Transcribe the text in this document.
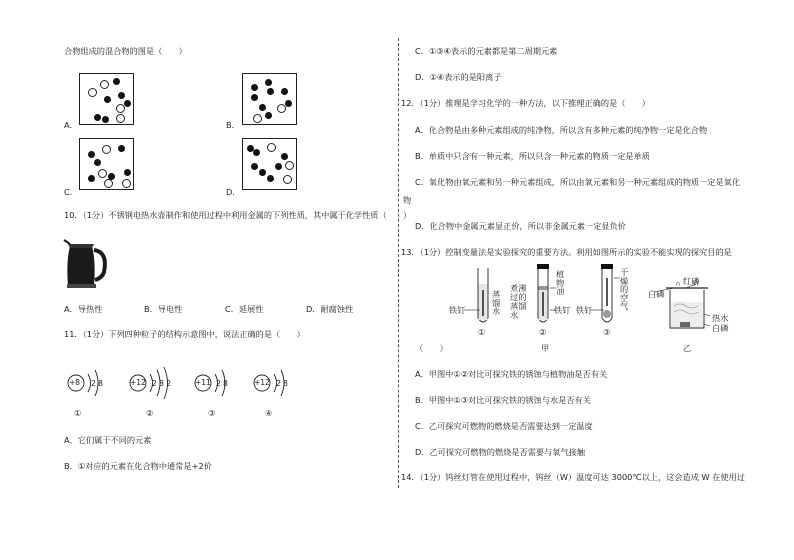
合物组成的混合物的图是（　　）
A．	B．
C．	D．
10．（1分）不锈钢电热水壶制作和使用过程中利用金属的下列性质，其中属于化学性质（　　）
A．导热性	B．导电性	C．延展性	D．耐腐蚀性
11．（1分）下列四种粒子的结构示意图中，说法正确的是（　　）
+8 2 8
①
+12 2 8 2
②
+11 2 8
③
+12 2 8
④
A．它们属于不同的元素
B．①对应的元素在化合物中通常是+2价
C．①③④表示的元素都是第二周期元素
D．①④表示的是阳离子
12．（1分）推理是学习化学的一种方法，以下推理正确的是（　　）
A．化合物是由多种元素组成的纯净物，所以含有多种元素的纯净物一定是化合物
B．单质中只含有一种元素，所以只含一种元素的物质一定是单质
C．氧化物由氧元素和另一种元素组成，所以由氧元素和另一种元素组成的物质一定是氧化
物
D．化合物中金属元素显正价，所以非金属元素一定显负价
13．（1分）控制变量法是实验探究的重要方法。利用如图所示的实验不能实现的探究目的是
（　　）
铁钉
蒸
馏
水
煮沸
过的
蒸馏
水
植
物
油
铁钉 铁钉
干
燥
的
空
气
①	②	③
甲
白磷
红磷
热水
白磷
乙
A．甲图中①②对比可探究铁的锈蚀与植物油是否有关
B．甲图中①③对比可探究铁的锈蚀与水是否有关
C．乙可探究可燃物的燃烧是否需要达到一定温度
D．乙可探究可燃物的燃烧是否需要与氧气接触
14．（1分）钨丝灯管在使用过程中，钨丝（W）温度可达 3000℃以上，这会造成 W 在使用过
